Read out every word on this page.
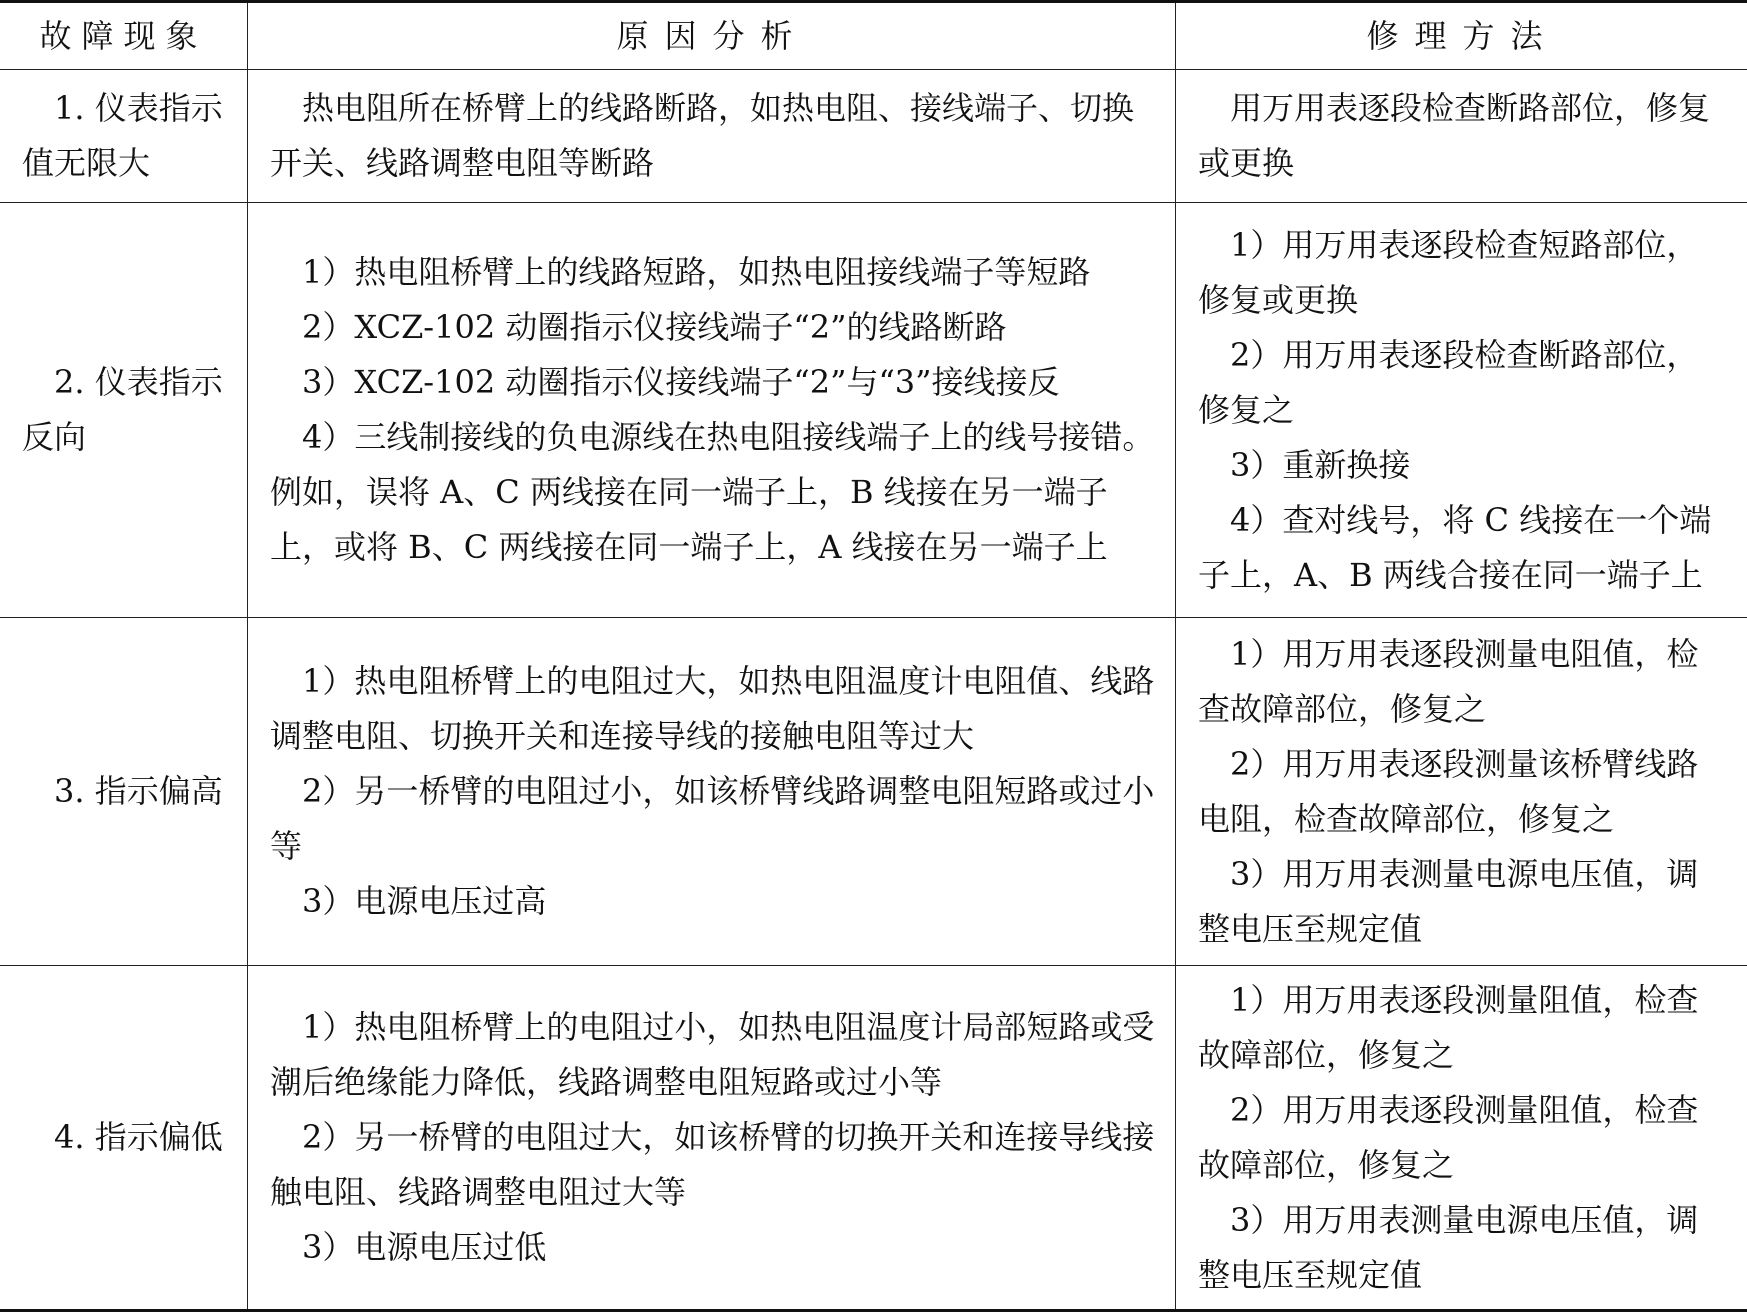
故障现象	原因分析	修理方法

1. 仪表指示值无限大

热电阻所在桥臂上的线路断路，如热电阻、接线端子、切换开关、线路调整电阻等断路

用万用表逐段检查断路部位，修复或更换

2. 仪表指示反向

1）热电阻桥臂上的线路短路，如热电阻接线端子等短路

2）XCZ-102 动圈指示仪接线端子“2”的线路断路

3）XCZ-102 动圈指示仪接线端子“2”与“3”接线接反

4）三线制接线的负电源线在热电阻接线端子上的线号接错。例如，误将 A、C 两线接在同一端子上，B 线接在另一端子上，或将 B、C 两线接在同一端子上，A 线接在另一端子上

1）用万用表逐段检查短路部位，修复或更换

2）用万用表逐段检查断路部位，修复之

3）重新换接

4）查对线号，将 C 线接在一个端子上，A、B 两线合接在同一端子上

3. 指示偏高

1）热电阻桥臂上的电阻过大，如热电阻温度计电阻值、线路调整电阻、切换开关和连接导线的接触电阻等过大

2）另一桥臂的电阻过小，如该桥臂线路调整电阻短路或过小等

3）电源电压过高

1）用万用表逐段测量电阻值，检查故障部位，修复之

2）用万用表逐段测量该桥臂线路电阻，检查故障部位，修复之

3）用万用表测量电源电压值，调整电压至规定值

4. 指示偏低

1）热电阻桥臂上的电阻过小，如热电阻温度计局部短路或受潮后绝缘能力降低，线路调整电阻短路或过小等

2）另一桥臂的电阻过大，如该桥臂的切换开关和连接导线接触电阻、线路调整电阻过大等

3）电源电压过低

1）用万用表逐段测量阻值，检查故障部位，修复之

2）用万用表逐段测量阻值，检查故障部位，修复之

3）用万用表测量电源电压值，调整电压至规定值
